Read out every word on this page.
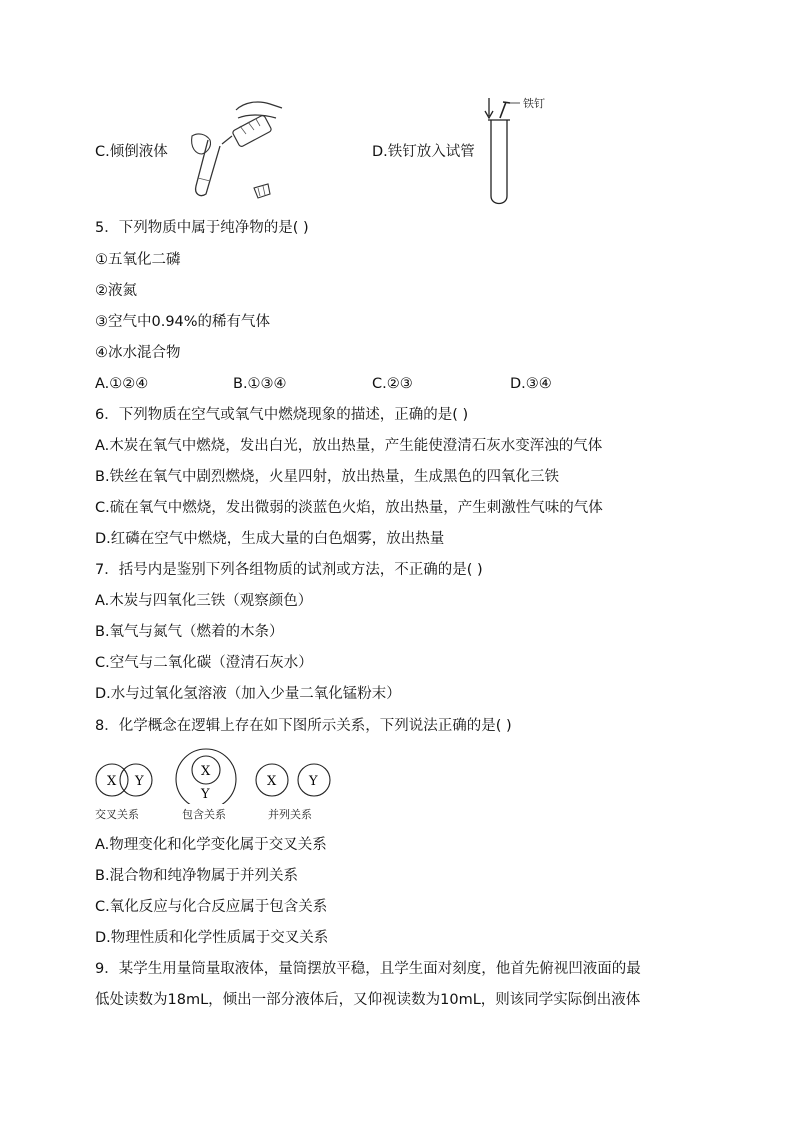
C.倾倒液体	D.铁钉放入试管
铁钉
5．下列物质中属于纯净物的是( )
①五氧化二磷
②液氮
③空气中0.94%的稀有气体
④冰水混合物
A.①②④	B.①③④	C.②③	D.③④
6．下列物质在空气或氧气中燃烧现象的描述，正确的是( )
A.木炭在氧气中燃烧，发出白光，放出热量，产生能使澄清石灰水变浑浊的气体
B.铁丝在氧气中剧烈燃烧，火星四射，放出热量，生成黑色的四氧化三铁
C.硫在氧气中燃烧，发出微弱的淡蓝色火焰，放出热量，产生刺激性气味的气体
D.红磷在空气中燃烧，生成大量的白色烟雾，放出热量
7．括号内是鉴别下列各组物质的试剂或方法，不正确的是( )
A.木炭与四氧化三铁（观察颜色）
B.氧气与氮气（燃着的木条）
C.空气与二氧化碳（澄清石灰水）
D.水与过氧化氢溶液（加入少量二氧化锰粉末）
8．化学概念在逻辑上存在如下图所示关系，下列说法正确的是( )
X Y
X
Y
X	Y
交叉关系	包含关系	并列关系
A.物理变化和化学变化属于交叉关系
B.混合物和纯净物属于并列关系
C.氧化反应与化合反应属于包含关系
D.物理性质和化学性质属于交叉关系
9．某学生用量筒量取液体，量筒摆放平稳，且学生面对刻度，他首先俯视凹液面的最
低处读数为18mL，倾出一部分液体后，又仰视读数为10mL，则该同学实际倒出液体
